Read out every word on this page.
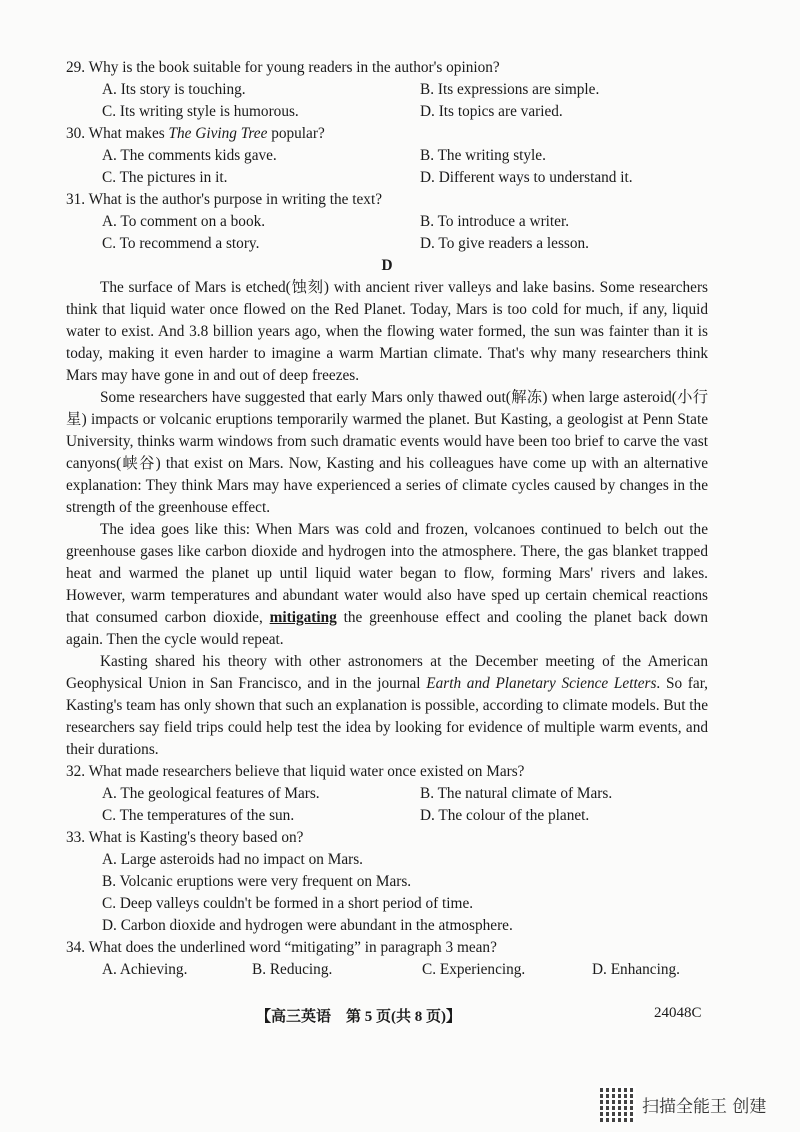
29. Why is the book suitable for young readers in the author's opinion?

A. Its story is touching.	B. Its expressions are simple.

C. Its writing style is humorous.	D. Its topics are varied.

30. What makes The Giving Tree popular?

A. The comments kids gave.	B. The writing style.

C. The pictures in it.	D. Different ways to understand it.

31. What is the author's purpose in writing the text?

A. To comment on a book.	B. To introduce a writer.

C. To recommend a story.	D. To give readers a lesson.

D

The surface of Mars is etched(蚀刻) with ancient river valleys and lake basins. Some researchers think that liquid water once flowed on the Red Planet. Today, Mars is too cold for much, if any, liquid water to exist. And 3.8 billion years ago, when the flowing water formed, the sun was fainter than it is today, making it even harder to imagine a warm Martian climate. That's why many researchers think Mars may have gone in and out of deep freezes.

Some researchers have suggested that early Mars only thawed out(解冻) when large asteroid(小行星) impacts or volcanic eruptions temporarily warmed the planet. But Kasting, a geologist at Penn State University, thinks warm windows from such dramatic events would have been too brief to carve the vast canyons(峡谷) that exist on Mars. Now, Kasting and his colleagues have come up with an alternative explanation: They think Mars may have experienced a series of climate cycles caused by changes in the strength of the greenhouse effect.

The idea goes like this: When Mars was cold and frozen, volcanoes continued to belch out the greenhouse gases like carbon dioxide and hydrogen into the atmosphere. There, the gas blanket trapped heat and warmed the planet up until liquid water began to flow, forming Mars' rivers and lakes. However, warm temperatures and abundant water would also have sped up certain chemical reactions that consumed carbon dioxide, mitigating the greenhouse effect and cooling the planet back down again. Then the cycle would repeat.

Kasting shared his theory with other astronomers at the December meeting of the American Geophysical Union in San Francisco, and in the journal Earth and Planetary Science Letters. So far, Kasting's team has only shown that such an explanation is possible, according to climate models. But the researchers say field trips could help test the idea by looking for evidence of multiple warm events, and their durations.

32. What made researchers believe that liquid water once existed on Mars?

A. The geological features of Mars.	B. The natural climate of Mars.

C. The temperatures of the sun.	D. The colour of the planet.

33. What is Kasting's theory based on?

A. Large asteroids had no impact on Mars.

B. Volcanic eruptions were very frequent on Mars.

C. Deep valleys couldn't be formed in a short period of time.

D. Carbon dioxide and hydrogen were abundant in the atmosphere.

34. What does the underlined word “mitigating” in paragraph 3 mean?

A. Achieving.	B. Reducing.	C. Experiencing.	D. Enhancing.

【高三英语　第 5 页(共 8 页)】	24048C
扫描全能王 创建
